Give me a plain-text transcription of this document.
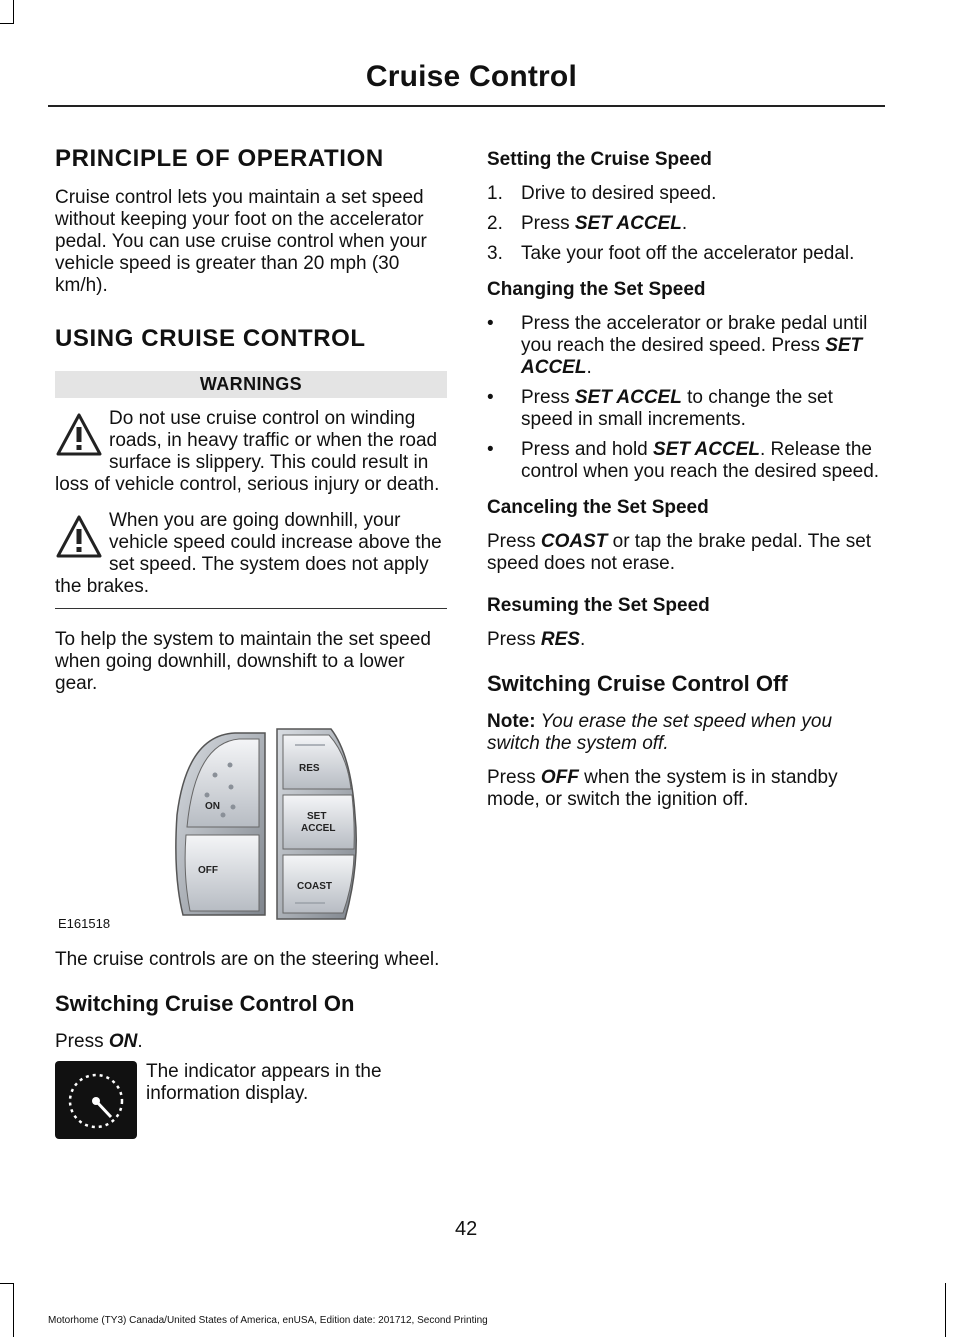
Cruise Control
PRINCIPLE OF OPERATION

Cruise control lets you maintain a set speed without keeping your foot on the accelerator pedal. You can use cruise control when your vehicle speed is greater than 20 mph (30 km/h).

USING CRUISE CONTROL
WARNINGS
Do not use cruise control on winding roads, in heavy traffic or when the road surface is slippery. This could result in loss of vehicle control, serious injury or death.
When you are going downhill, your vehicle speed could increase above the set speed. The system does not apply the brakes.

To help the system to maintain the set speed when going downhill, downshift to a lower gear.

ON
OFF
RES
SET
ACCEL
COAST
E161518

The cruise controls are on the steering wheel.

Switching Cruise Control On

Press ON.

The indicator appears in the information display.
Setting the Cruise Speed
1. Drive to desired speed.
2. Press SET ACCEL.
3. Take your foot off the accelerator pedal.
Changing the Set Speed
• Press the accelerator or brake pedal until you reach the desired speed. Press SET ACCEL.
• Press SET ACCEL to change the set speed in small increments.
• Press and hold SET ACCEL. Release the control when you reach the desired speed.
Canceling the Set Speed

Press COAST or tap the brake pedal. The set speed does not erase.

Resuming the Set Speed

Press RES.

Switching Cruise Control Off

Note: You erase the set speed when you switch the system off.

Press OFF when the system is in standby mode, or switch the ignition off.

42
Motorhome (TY3) Canada/United States of America, enUSA, Edition date: 201712, Second Printing
